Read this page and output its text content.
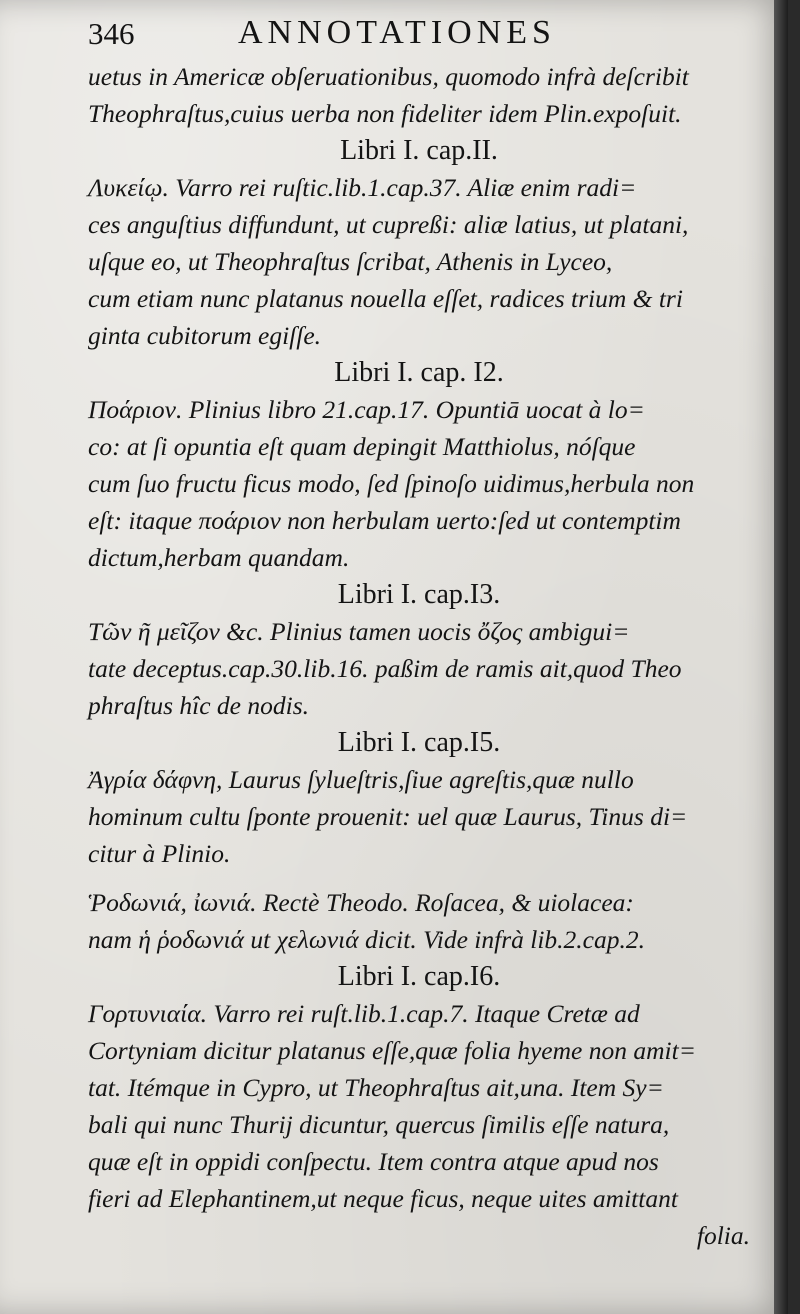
346	ANNOTATIONES
uetus in Americæ obſeruationibus, quomodo infrà deſcribit
Theophraſtus,cuius uerba non fideliter idem Plin.expoſuit.
Libri I. cap.II.
Λυκείῳ. Varro rei ruſtic.lib.1.cap.37. Aliæ enim radi=
ces anguſtius diffundunt, ut cupreßi: aliæ latius, ut platani,
uſque eo, ut Theophraſtus ſcribat, Athenis in Lyceo,
cum etiam nunc platanus nouella eſſet, radices trium & tri
ginta cubitorum egiſſe.
Libri I. cap. I2.
Ποάριον. Plinius libro 21.cap.17. Opuntiā uocat à lo=
co: at ſi opuntia eſt quam depingit Matthiolus, nóſque
cum ſuo fructu ficus modo, ſed ſpinoſo uidimus,herbula non
eſt: itaque ποάριον non herbulam uerto:ſed ut contemptim
dictum,herbam quandam.
Libri I. cap.I3.
Τῶν ῆ μεῖζον &c. Plinius tamen uocis ὄζος ambigui=
tate deceptus.cap.30.lib.16. paßim de ramis ait,quod Theo
phraſtus hîc de nodis.
Libri I. cap.I5.
Ἀγρία δάφνη, Laurus ſylueſtris,ſiue agreſtis,quæ nullo
hominum cultu ſponte prouenit: uel quæ Laurus, Tinus di=
citur à Plinio.
Ῥοδωνιά, ἰωνιά. Rectè Theodo. Roſacea, & uiolacea:
nam ἡ ῥοδωνιά ut χελωνιά dicit. Vide infrà lib.2.cap.2.
Libri I. cap.I6.
Γορτυνιαία. Varro rei ruſt.lib.1.cap.7. Itaque Cretæ ad
Cortyniam dicitur platanus eſſe,quæ folia hyeme non amit=
tat. Itémque in Cypro, ut Theophraſtus ait,una. Item Sy=
bali qui nunc Thurij dicuntur, quercus ſimilis eſſe natura,
quæ eſt in oppidi conſpectu. Item contra atque apud nos
fieri ad Elephantinem,ut neque ficus, neque uites amittant
folia.
